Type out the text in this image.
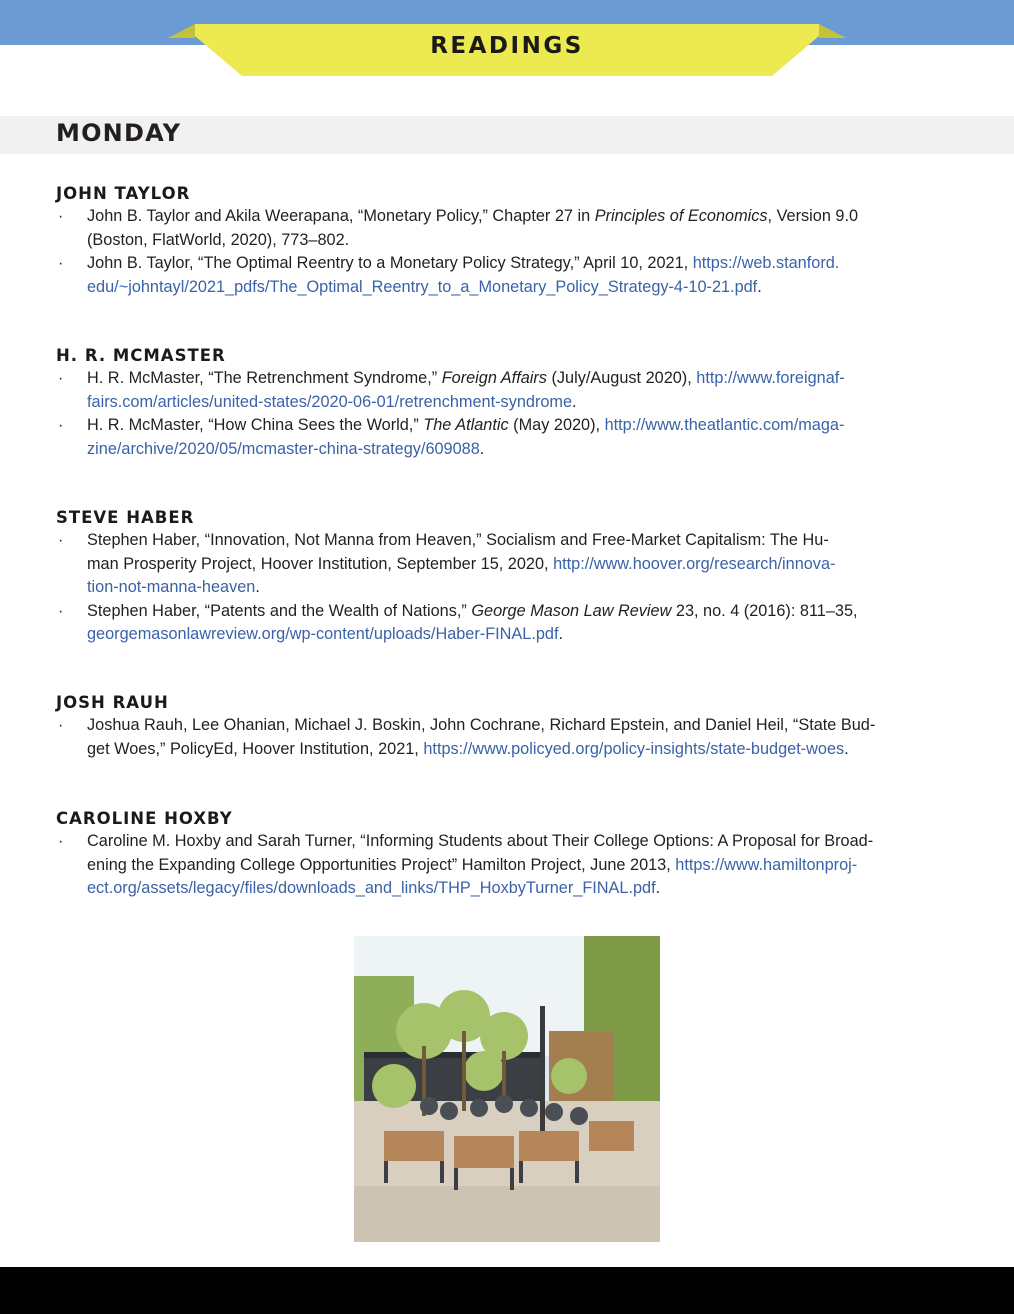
READINGS
MONDAY
JOHN TAYLOR
· John B. Taylor and Akila Weerapana, “Monetary Policy,” Chapter 27 in Principles of Economics, Version 9.0
(Boston, FlatWorld, 2020), 773–802.
· John B. Taylor, “The Optimal Reentry to a Monetary Policy Strategy,” April 10, 2021, https://web.stanford.
edu/~johntayl/2021_pdfs/The_Optimal_Reentry_to_a_Monetary_Policy_Strategy-4-10-21.pdf.
H. R. MCMASTER
· H. R. McMaster, “The Retrenchment Syndrome,” Foreign Affairs (July/August 2020), http://www.foreignaf-
fairs.com/articles/united-states/2020-06-01/retrenchment-syndrome.
· H. R. McMaster, “How China Sees the World,” The Atlantic (May 2020), http://www.theatlantic.com/maga-
zine/archive/2020/05/mcmaster-china-strategy/609088.
STEVE HABER
· Stephen Haber, “Innovation, Not Manna from Heaven,” Socialism and Free-Market Capitalism: The Hu-
man Prosperity Project, Hoover Institution, September 15, 2020, http://www.hoover.org/research/innova-
tion-not-manna-heaven.
· Stephen Haber, “Patents and the Wealth of Nations,” George Mason Law Review 23, no. 4 (2016): 811–35,
georgemasonlawreview.org/wp-content/uploads/Haber-FINAL.pdf.
JOSH RAUH
· Joshua Rauh, Lee Ohanian, Michael J. Boskin, John Cochrane, Richard Epstein, and Daniel Heil, “State Bud-
get Woes,” PolicyEd, Hoover Institution, 2021, https://www.policyed.org/policy-insights/state-budget-woes.
CAROLINE HOXBY
· Caroline M. Hoxby and Sarah Turner, “Informing Students about Their College Options: A Proposal for Broad-
ening the Expanding College Opportunities Project” Hamilton Project, June 2013, https://www.hamiltonproj-
ect.org/assets/legacy/files/downloads_and_links/THP_HoxbyTurner_FINAL.pdf.
